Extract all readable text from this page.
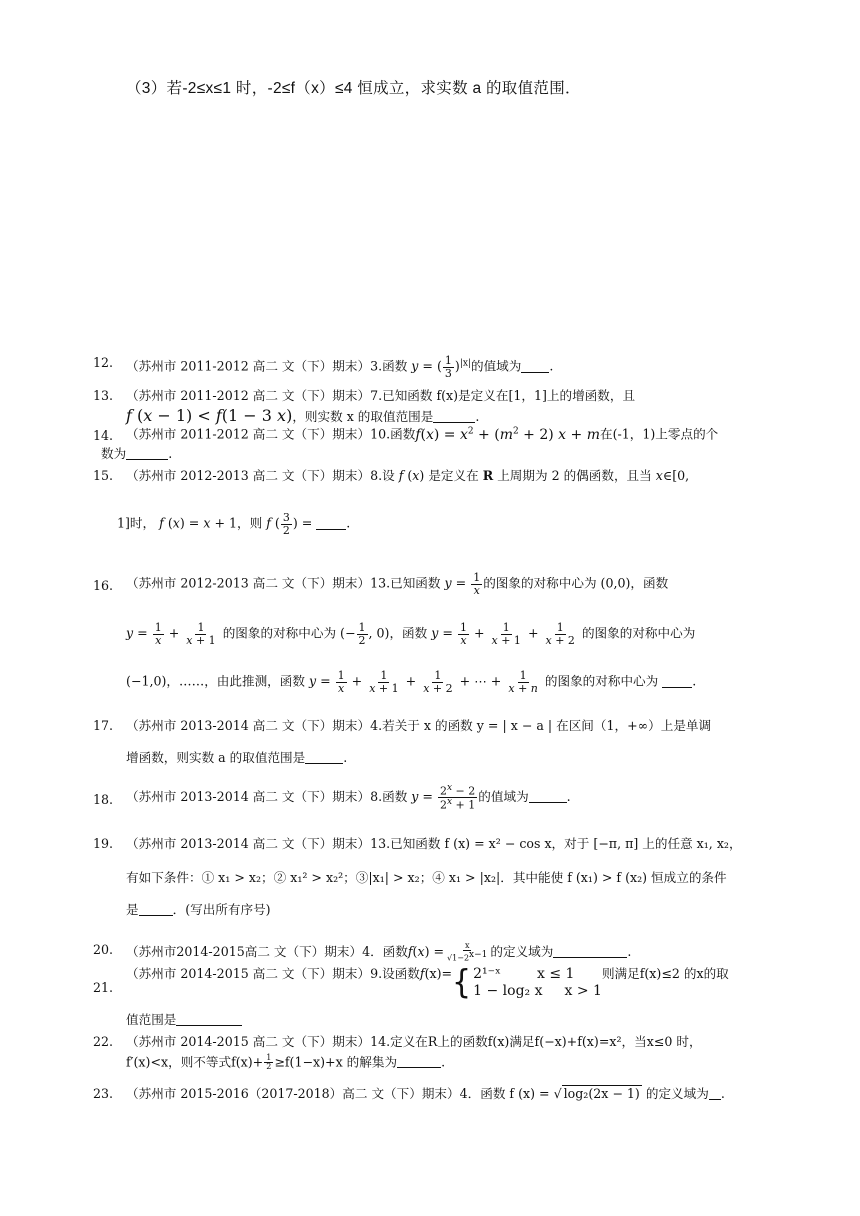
（3）若-2≤x≤1 时，-2≤f（x）≤4 恒成立，求实数 a 的取值范围．
12.	（苏州市 2011-2012 高二 文（下）期末）3.函数 y = ( $\frac{1}{3} )^{|x|}$的值域为 .
13.	（苏州市 2011-2012 高二 文（下）期末）7.已知函数 f(x)是定义在[1，1]上的增函数，且
f (x − 1) < f(1 − 3 x)，则实数 x 的取值范围是	.
14.	（苏州市 2011-2012 高二 文（下）期末）10.函数$f(x) = x^2 + (m^2 + 2) x + m$在(-1，1)上零点的个
数为	.
15.	（苏州市 2012-2013 高二 文（下）期末）8.设 f (x) 是定义在 R 上周期为 2 的偶函数，且当 x∈[0,
1]时， f (x) = x + 1，则 f ( $\frac{3}{2}$ ) = .
16.	（苏州市 2012-2013 高二 文（下）期末）13.已知函数 $y = \frac{1}{x}$ 的图象的对称中心为 (0,0)，函数
$y = \frac{1}{x} + \frac{1}{x + 1}$ 的图象的对称中心为 (− $\frac{1}{2}$ , 0)，函数 $y = \frac{1}{x} + \frac{1}{x + 1} + \frac{1}{x + 2}$ 的图象的对称中心为
(−1,0)，……，由此推测，函数 $y = \frac{1}{x} + \frac{1}{x + 1} + \frac{1}{x + 2}$ + ⋯ + $\frac{1}{x + n}$ 的图象的对称中心为 .
17.	（苏州市 2013-2014 高二 文（下）期末）4.若关于 x 的函数 y = | x − a | 在区间（1，+∞）上是单调
增函数，则实数 a 的取值范围是	.
18.	（苏州市 2013-2014 高二 文（下）期末）8.函数 $y = \frac{2^x - 2}{2^x + 1}$ 的值域为	.
19.	（苏州市 2013-2014 高二 文（下）期末）13.已知函数 f (x) = x² − cos x，对于 [−π, π] 上的任意 x₁, x₂，
有如下条件：① x₁ > x₂；② x₁² > x₂²；③|x₁| > x₂；④ x₁ > |x₂|．其中能使 f (x₁) > f (x₂) 恒成立的条件
是	．(写出所有序号)
20.	（苏州市2014-2015高二 文（下）期末）4．函数$f(x) = \frac{x}{√1-2^{x-1}}$ 的定义域为	.
21.
（苏州市 2014-2015 高二 文（下）期末）9.设函数f(x)= { 2¹⁻ˣ	x ≤ 1
1 − log₂ x x > 1
则满足f(x)≤2 的x的取
值范围是
22.	（苏州市 2014-2015 高二 文（下）期末）14.定义在R上的函数f(x)满足f(−x)+f(x)=x²，当x≤0 时，
f′(x)<x，则不等式$f(x)+ \frac{1}{2} \ge f(1-x)+x$ 的解集为	.
23.	（苏州市 2015-2016（2017-2018）高二 文（下）期末）4．函数 f (x) = √ log₂(2x − 1) 的定义域为 .
